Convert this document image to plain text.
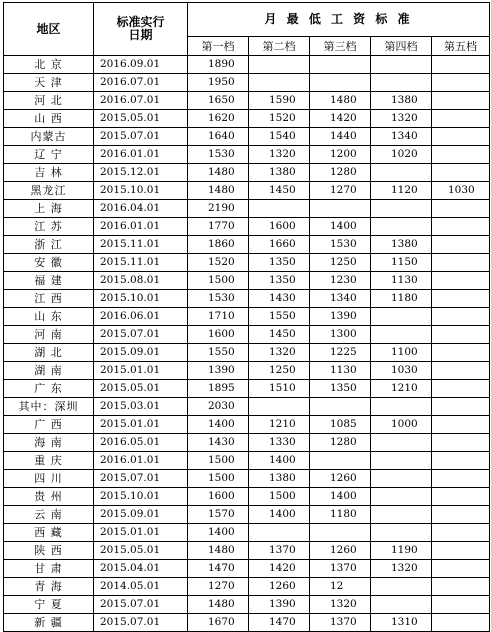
地区	标准实行
日期	月 最 低 工 资 标 准				
		第一档	第二档	第三档	第四档	第五档
北 京	2016.09.01	1890				
天 津	2016.07.01	1950				
河 北	2016.07.01	1650	1590	1480	1380	
山 西	2015.05.01	1620	1520	1420	1320	
内蒙古	2015.07.01	1640	1540	1440	1340	
辽 宁	2016.01.01	1530	1320	1200	1020	
吉 林	2015.12.01	1480	1380	1280		
黑龙江	2015.10.01	1480	1450	1270	1120	1030
上 海	2016.04.01	2190				
江 苏	2016.01.01	1770	1600	1400		
浙 江	2015.11.01	1860	1660	1530	1380	
安 徽	2015.11.01	1520	1350	1250	1150	
福 建	2015.08.01	1500	1350	1230	1130	
江 西	2015.10.01	1530	1430	1340	1180	
山 东	2016.06.01	1710	1550	1390		
河 南	2015.07.01	1600	1450	1300		
湖 北	2015.09.01	1550	1320	1225	1100	
湖 南	2015.01.01	1390	1250	1130	1030	
广 东	2015.05.01	1895	1510	1350	1210	
其中：深圳	2015.03.01	2030				
广 西	2015.01.01	1400	1210	1085	1000	
海 南	2016.05.01	1430	1330	1280		
重 庆	2016.01.01	1500	1400			
四 川	2015.07.01	1500	1380	1260		
贵 州	2015.10.01	1600	1500	1400		
云 南	2015.09.01	1570	1400	1180		
西 藏	2015.01.01	1400				
陕 西	2015.05.01	1480	1370	1260	1190	
甘 肃	2015.04.01	1470	1420	1370	1320	
青 海	2014.05.01	1270	1260	12		
宁 夏	2015.07.01	1480	1390	1320		
新 疆	2015.07.01	1670	1470	1370	1310	
